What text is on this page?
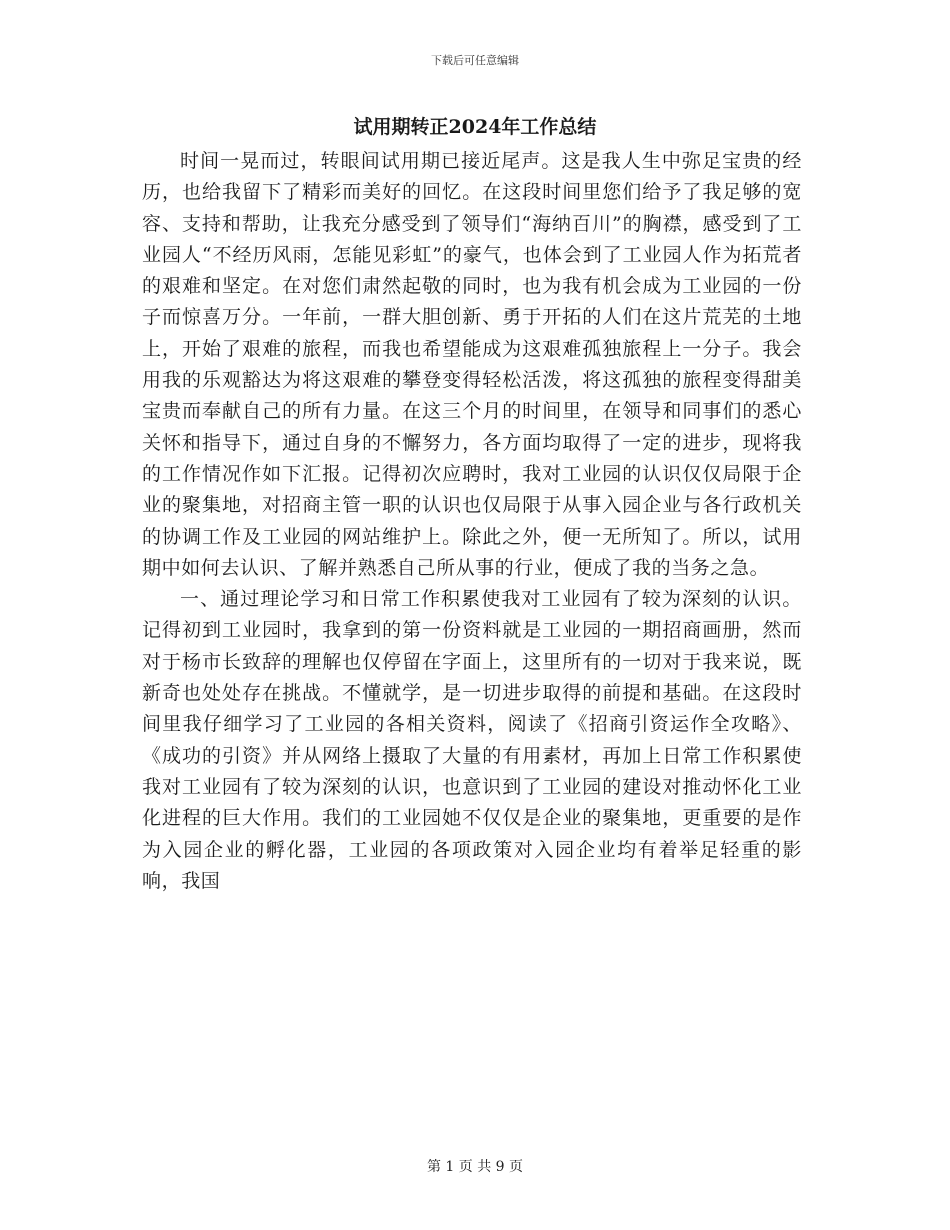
下载后可任意编辑
试用期转正2024年工作总结

时间一晃而过，转眼间试用期已接近尾声。这是我人生中弥足宝贵的经历，也给我留下了精彩而美好的回忆。在这段时间里您们给予了我足够的宽容、支持和帮助，让我充分感受到了领导们“海纳百川”的胸襟，感受到了工业园人“不经历风雨，怎能见彩虹”的豪气，也体会到了工业园人作为拓荒者的艰难和坚定。在对您们肃然起敬的同时，也为我有机会成为工业园的一份子而惊喜万分。一年前，一群大胆创新、勇于开拓的人们在这片荒芜的土地上，开始了艰难的旅程，而我也希望能成为这艰难孤独旅程上一分子。我会用我的乐观豁达为将这艰难的攀登变得轻松活泼，将这孤独的旅程变得甜美宝贵而奉献自己的所有力量。在这三个月的时间里，在领导和同事们的悉心关怀和指导下，通过自身的不懈努力，各方面均取得了一定的进步，现将我的工作情况作如下汇报。记得初次应聘时，我对工业园的认识仅仅局限于企业的聚集地，对招商主管一职的认识也仅局限于从事入园企业与各行政机关的协调工作及工业园的网站维护上。除此之外，便一无所知了。所以，试用期中如何去认识、了解并熟悉自己所从事的行业，便成了我的当务之急。

一、通过理论学习和日常工作积累使我对工业园有了较为深刻的认识。记得初到工业园时，我拿到的第一份资料就是工业园的一期招商画册，然而对于杨市长致辞的理解也仅停留在字面上，这里所有的一切对于我来说，既新奇也处处存在挑战。不懂就学，是一切进步取得的前提和基础。在这段时间里我仔细学习了工业园的各相关资料，阅读了《招商引资运作全攻略》、《成功的引资》并从网络上摄取了大量的有用素材，再加上日常工作积累使我对工业园有了较为深刻的认识，也意识到了工业园的建设对推动怀化工业化进程的巨大作用。我们的工业园她不仅仅是企业的聚集地，更重要的是作为入园企业的孵化器，工业园的各项政策对入园企业均有着举足轻重的影响，我国

第 1 页 共 9 页
